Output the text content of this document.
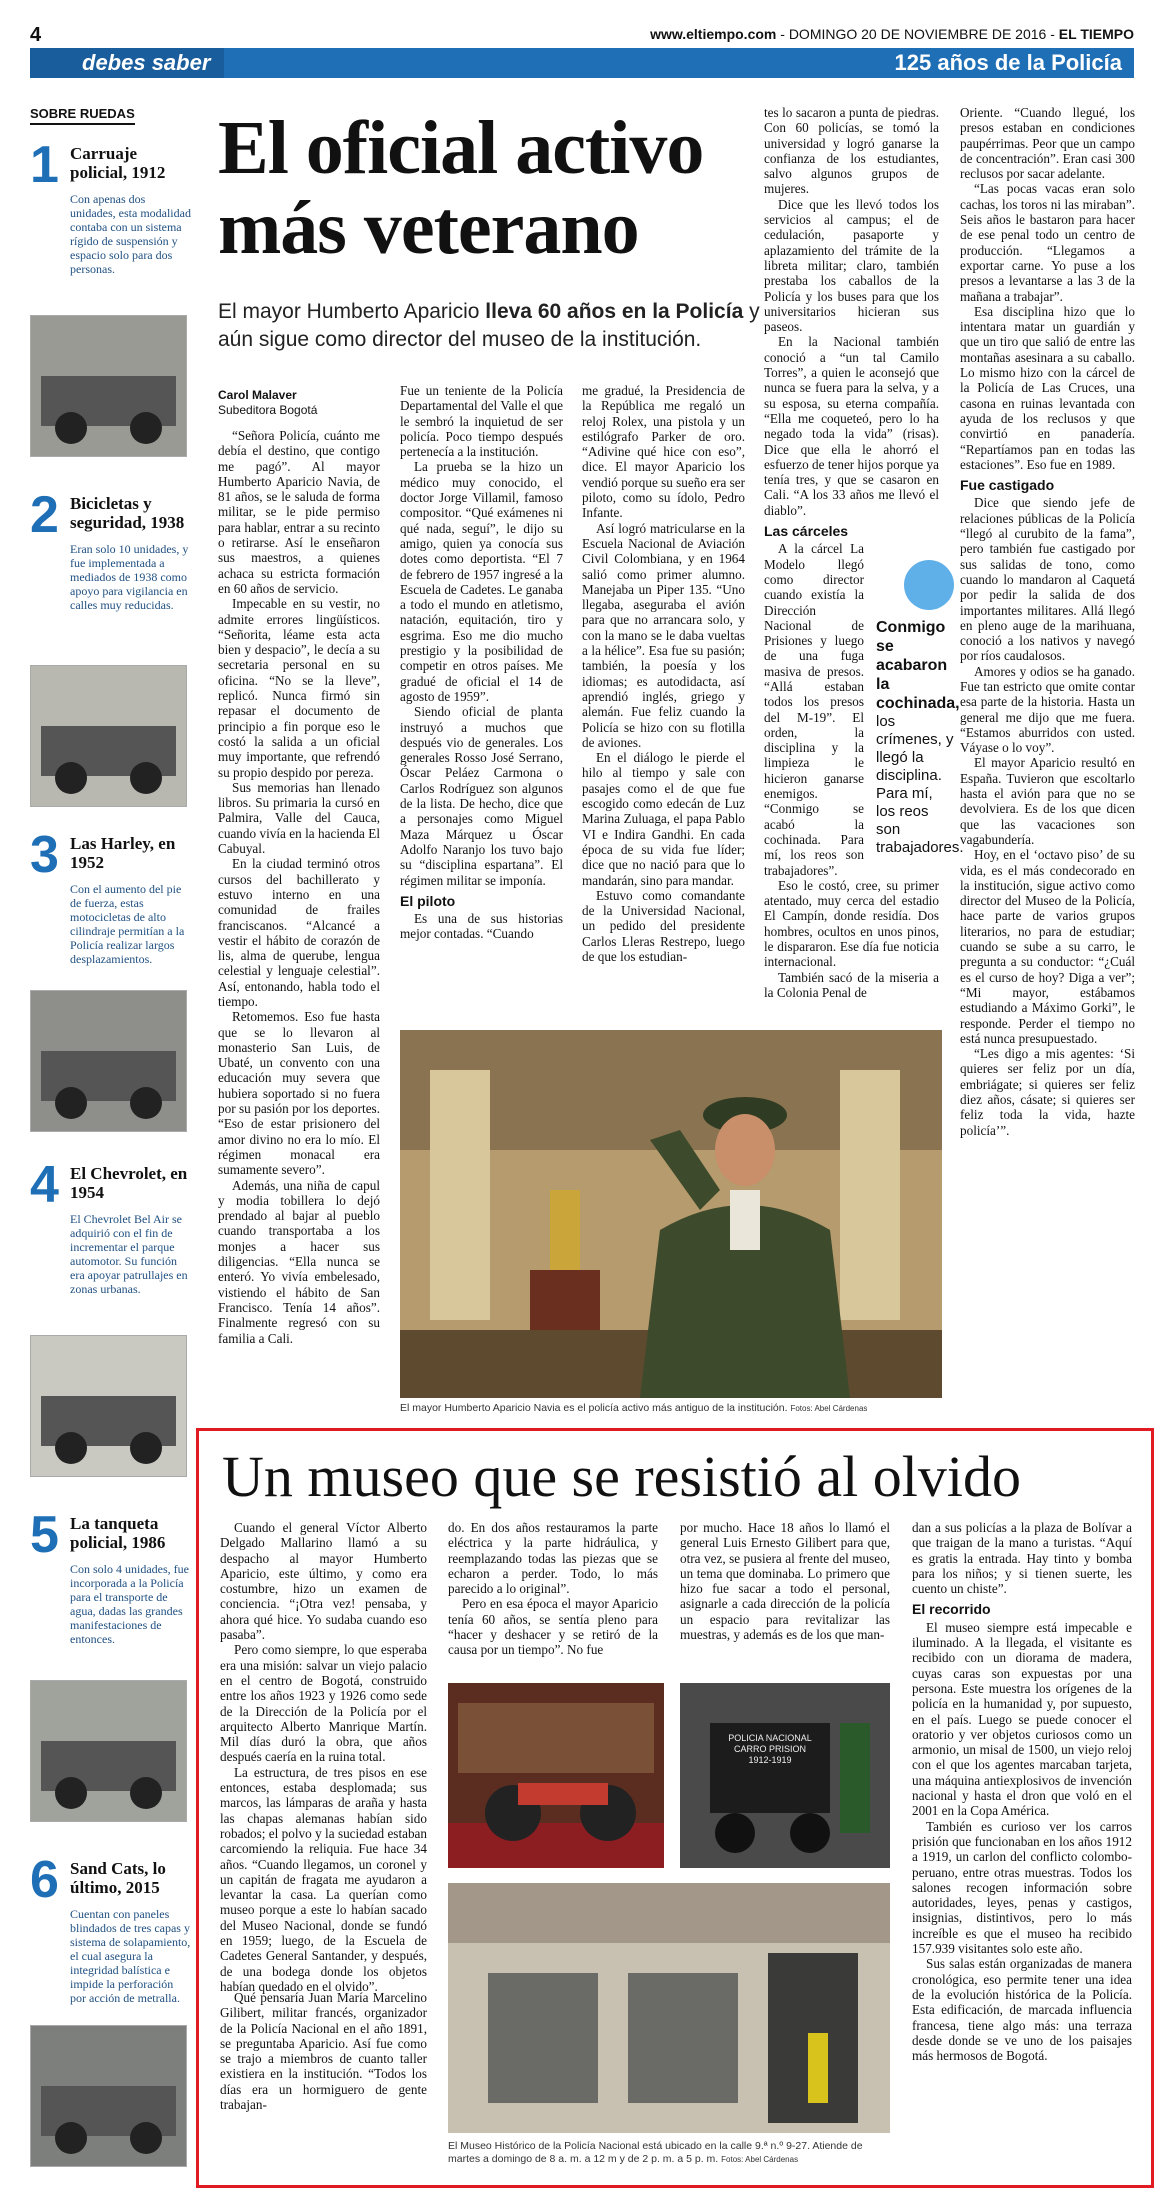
4	www.eltiempo.com - DOMINGO 20 DE NOVIEMBRE DE 2016 - EL TIEMPO
debes saber	125 años de la Policía
SOBRE RUEDAS
1 Carruaje policial, 1912
Con apenas dos unidades, esta modalidad contaba con un sistema rígido de suspensión y espacio solo para dos personas.
2 Bicicletas y seguridad, 1938
Eran solo 10 unidades, y fue implementada a mediados de 1938 como apoyo para vigilancia en calles muy reducidas.
3 Las Harley, en 1952
Con el aumento del pie de fuerza, estas motocicletas de alto cilindraje permitían a la Policía realizar largos desplazamientos.
4 El Chevrolet, en 1954
El Chevrolet Bel Air se adquirió con el fin de incrementar el parque automotor. Su función era apoyar patrullajes en zonas urbanas.
5 La tanqueta policial, 1986
Con solo 4 unidades, fue incorporada a la Policía para el transporte de agua, dadas las grandes manifestaciones de entonces.
6 Sand Cats, lo último, 2015
Cuentan con paneles blindados de tres capas y sistema de solapamiento, el cual asegura la integridad balística e impide la perforación por acción de metralla.
El oficial activo más veterano
El mayor Humberto Aparicio lleva 60 años en la Policía y aún sigue como director del museo de la institución.
Carol Malaver
Subeditora Bogotá

“Señora Policía, cuánto me debía el destino, que contigo me pagó”. Al mayor Humberto Aparicio Navia, de 81 años, se le saluda de forma militar, se le pide permiso para hablar, entrar a su recinto o retirarse. Así le enseñaron sus maestros, a quienes achaca su estricta formación en 60 años de servicio.

Impecable en su vestir, no admite errores lingüísticos. “Señorita, léame esta acta bien y despacio”, le decía a su secretaria personal en su oficina. “No se la lleve”, replicó. Nunca firmó sin repasar el documento de principio a fin porque eso le costó la salida a un oficial muy importante, que refrendó su propio despido por pereza.

Sus memorias han llenado libros. Su primaria la cursó en Palmira, Valle del Cauca, cuando vivía en la hacienda El Cabuyal.

En la ciudad terminó otros cursos del bachillerato y estuvo interno en una comunidad de frailes franciscanos. “Alcancé a vestir el hábito de corazón de lis, alma de querube, lengua celestial y lenguaje celestial”. Así, entonando, habla todo el tiempo.

Retomemos. Eso fue hasta que se lo llevaron al monasterio San Luis, de Ubaté, un convento con una educación muy severa que hubiera soportado si no fuera por su pasión por los deportes. “Eso de estar prisionero del amor divino no era lo mío. El régimen monacal era sumamente severo”.

Además, una niña de capul y modia tobillera lo dejó prendado al bajar al pueblo cuando transportaba a los monjes a hacer sus diligencias. “Ella nunca se enteró. Yo vivía embelesado, vistiendo el hábito de San Francisco. Tenía 14 años”. Finalmente regresó con su familia a Cali.

Fue un teniente de la Policía Departamental del Valle el que le sembró la inquietud de ser policía. Poco tiempo después pertenecía a la institución.

La prueba se la hizo un médico muy conocido, el doctor Jorge Villamil, famoso compositor. “Qué exámenes ni qué nada, seguí”, le dijo su amigo, quien ya conocía sus dotes como deportista. “El 7 de febrero de 1957 ingresé a la Escuela de Cadetes. Le ganaba a todo el mundo en atletismo, natación, equitación, tiro y esgrima. Eso me dio mucho prestigio y la posibilidad de competir en otros países. Me gradué de oficial el 14 de agosto de 1959”.

Siendo oficial de planta instruyó a muchos que después vio de generales. Los generales Rosso José Serrano, Óscar Peláez Carmona o Carlos Rodríguez son algunos de la lista. De hecho, dice que a personajes como Miguel Maza Márquez u Óscar Adolfo Naranjo los tuvo bajo su “disciplina espartana”. El régimen militar se imponía.

El piloto

Es una de sus historias mejor contadas. “Cuando

me gradué, la Presidencia de la República me regaló un reloj Rolex, una pistola y un estilógrafo Parker de oro. “Adivine qué hice con eso”, dice. El mayor Aparicio los vendió porque su sueño era ser piloto, como su ídolo, Pedro Infante.

Así logró matricularse en la Escuela Nacional de Aviación Civil Colombiana, y en 1964 salió como primer alumno. Manejaba un Piper 135. “Uno llegaba, aseguraba el avión para que no arrancara solo, y con la mano se le daba vueltas a la hélice”. Esa fue su pasión; también, la poesía y los idiomas; es autodidacta, así aprendió inglés, griego y alemán. Fue feliz cuando la Policía se hizo con su flotilla de aviones.

En el diálogo le pierde el hilo al tiempo y sale con pasajes como el de que fue escogido como edecán de Luz Marina Zuluaga, el papa Pablo VI e Indira Gandhi. En cada época de su vida fue líder; dice que no nació para que lo mandarán, sino para mandar.

Estuvo como comandante de la Universidad Nacional, un pedido del presidente Carlos Lleras Restrepo, luego de que los estudian-

tes lo sacaron a punta de piedras. Con 60 policías, se tomó la universidad y logró ganarse la confianza de los estudiantes, salvo algunos grupos de mujeres.

Dice que les llevó todos los servicios al campus; el de cedulación, pasaporte y aplazamiento del trámite de la libreta militar; claro, también prestaba los caballos de la Policía y los buses para que los universitarios hicieran sus paseos.

En la Nacional también conoció a “un tal Camilo Torres”, a quien le aconsejó que nunca se fuera para la selva, y a su esposa, su eterna compañía. “Ella me coqueteó, pero lo ha negado toda la vida” (risas). Dice que ella le ahorró el esfuerzo de tener hijos porque ya tenía tres, y que se casaron en Cali. “A los 33 años me llevó el diablo”.

Las cárceles

A la cárcel La Modelo llegó como director cuando existía la Dirección Nacional de Prisiones y luego de una fuga masiva de presos. “Allá estaban todos los presos del M-19”. El orden, la disciplina y la limpieza le hicieron ganarse enemigos. “Conmigo se acabó la cochinada. Para mí, los reos son trabajadores”.

Eso le costó, cree, su primer atentado, muy cerca del estadio El Campín, donde residía. Dos hombres, ocultos en unos pinos, le dispararon. Ese día fue noticia internacional.

También sacó de la miseria a la Colonia Penal de

Oriente. “Cuando llegué, los presos estaban en condiciones paupérrimas. Peor que un campo de concentración”. Eran casi 300 reclusos por sacar adelante.

“Las pocas vacas eran solo cachas, los toros ni las miraban”. Seis años le bastaron para hacer de ese penal todo un centro de producción. “Llegamos a exportar carne. Yo puse a los presos a levantarse a las 3 de la mañana a trabajar”.

Esa disciplina hizo que lo intentara matar un guardián y que un tiro que salió de entre las montañas asesinara a su caballo. Lo mismo hizo con la cárcel de la Policía de Las Cruces, una casona en ruinas levantada con ayuda de los reclusos y que convirtió en panadería. “Repartíamos pan en todas las estaciones”. Eso fue en 1989.

Fue castigado

Dice que siendo jefe de relaciones públicas de la Policía “llegó al curubito de la fama”, pero también fue castigado por sus salidas de tono, como cuando lo mandaron al Caquetá por pedir la salida de dos importantes militares. Allá llegó en pleno auge de la marihuana, conoció a los nativos y navegó por ríos caudalosos.

Amores y odios se ha ganado. Fue tan estricto que omite contar esa parte de la historia. Hasta un general me dijo que me fuera. “Estamos aburridos con usted. Váyase o lo voy”.

El mayor Aparicio resultó en España. Tuvieron que escoltarlo hasta el avión para que no se devolviera. Es de los que dicen que las vacaciones son vagabundería.

Hoy, en el ‘octavo piso’ de su vida, es el más condecorado en la institución, sigue activo como director del Museo de la Policía, hace parte de varios grupos literarios, no para de estudiar; cuando se sube a su carro, le pregunta a su conductor: “¿Cuál es el curso de hoy? Diga a ver”; “Mi mayor, estábamos estudiando a Máximo Gorki”, le responde. Perder el tiempo no está nunca presupuestado.

“Les digo a mis agentes: ‘Si quieres ser feliz por un día, embriágate; si quieres ser feliz diez años, cásate; si quieres ser feliz toda la vida, hazte policía’”.

Conmigo se acabaron la cochinada,
los crímenes, y llegó la disciplina. Para mí, los reos son trabajadores.
El mayor Humberto Aparicio Navia es el policía activo más antiguo de la institución. Fotos: Abel Cárdenas
Un museo que se resistió al olvido

Cuando el general Víctor Alberto Delgado Mallarino llamó a su despacho al mayor Humberto Aparicio, este último, y como era costumbre, hizo un examen de conciencia. “¡Otra vez! pensaba, y ahora qué hice. Yo sudaba cuando eso pasaba”.

Pero como siempre, lo que esperaba era una misión: salvar un viejo palacio en el centro de Bogotá, construido entre los años 1923 y 1926 como sede de la Dirección de la Policía por el arquitecto Alberto Manrique Martín. Mil días duró la obra, que años después caería en la ruina total.

La estructura, de tres pisos en ese entonces, estaba desplomada; sus marcos, las lámparas de araña y hasta las chapas alemanas habían sido robados; el polvo y la suciedad estaban carcomiendo la reliquia. Fue hace 34 años. “Cuando llegamos, un coronel y un capitán de fragata me ayudaron a levantar la casa. La querían como museo porque a este lo habían sacado del Museo Nacional, donde se fundó en 1959; luego, de la Escuela de Cadetes General Santander, y después, de una bodega donde los objetos habían quedado en el olvido”.

do. En dos años restauramos la parte eléctrica y la parte hidráulica, y reemplazando todas las piezas que se echaron a perder. Todo, lo más parecido a lo original”.

Pero en esa época el mayor Aparicio tenía 60 años, se sentía pleno para “hacer y deshacer y se retiró de la causa por un tiempo”. No fue

por mucho. Hace 18 años lo llamó el general Luis Ernesto Gilibert para que, otra vez, se pusiera al frente del museo, un tema que dominaba. Lo primero que hizo fue sacar a todo el personal, asignarle a cada dirección de la policía un espacio para revitalizar las muestras, y además es de los que man-

dan a sus policías a la plaza de Bolívar a que traigan de la mano a turistas. “Aquí es gratis la entrada. Hay tinto y bomba para los niños; y si tienen suerte, les cuento un chiste”.

El recorrido

El museo siempre está impecable e iluminado. A la llegada, el visitante es recibido con un diorama de madera, cuyas caras son expuestas por una persona. Este muestra los orígenes de la policía en la humanidad y, por supuesto, en el país. Luego se puede conocer el oratorio y ver objetos curiosos como un armonio, un misal de 1500, un viejo reloj con el que los agentes marcaban tarjeta, una máquina antiexplosivos de invención nacional y hasta el dron que voló en el 2001 en la Copa América.

También es curioso ver los carros prisión que funcionaban en los años 1912 a 1919, un carlon del conflicto colombo-peruano, entre otras muestras. Todos los salones recogen información sobre autoridades, leyes, penas y castigos, insignias, distintivos, pero lo más increíble es que el museo ha recibido 157.939 visitantes solo este año.

Sus salas están organizadas de manera cronológica, eso permite tener una idea de la evolución histórica de la Policía. Esta edificación, de marcada influencia francesa, tiene algo más: una terraza desde donde se ve uno de los paisajes más hermosos de Bogotá.

POLICIA NACIONAL
CARRO PRISION
1912-1919
El Museo Histórico de la Policía Nacional está ubicado en la calle 9.ª n.º 9-27. Atiende de martes a domingo de 8 a. m. a 12 m y de 2 p. m. a 5 p. m. Fotos: Abel Cárdenas

Qué pensaría Juan María Marcelino Gilibert, militar francés, organizador de la Policía Nacional en el año 1891, se preguntaba Aparicio. Así fue como se trajo a miembros de cuanto taller existiera en la institución. “Todos los días era un hormiguero de gente trabajan-
